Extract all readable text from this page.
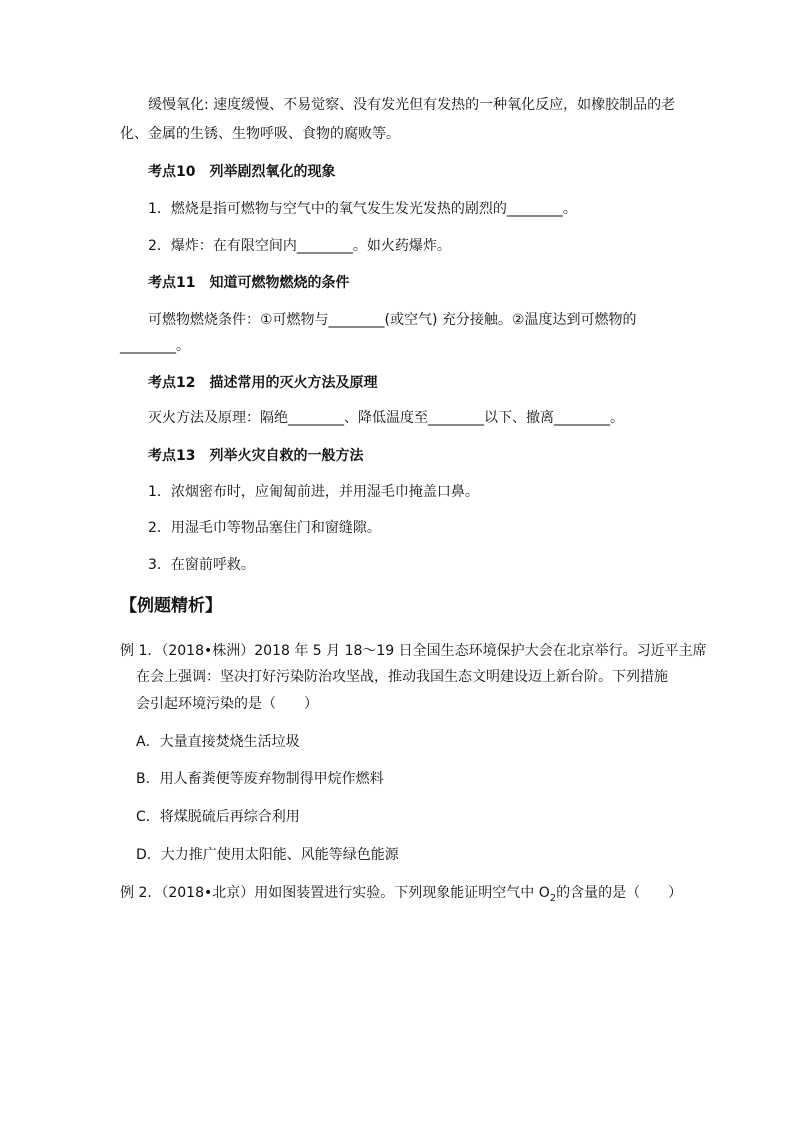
缓慢氧化: 速度缓慢、不易觉察、没有发光但有发热的一种氧化反应，如橡胶制品的老
化、金属的生锈、生物呼吸、食物的腐败等。
考点10　列举剧烈氧化的现象
1．燃烧是指可燃物与空气中的氧气发生发光发热的剧烈的________。
2．爆炸：在有限空间内________。如火药爆炸。
考点11　知道可燃物燃烧的条件
可燃物燃烧条件：①可燃物与________(或空气) 充分接触。②温度达到可燃物的
________。
考点12　描述常用的灭火方法及原理
灭火方法及原理：隔绝________、降低温度至________以下、撤离________。
考点13　列举火灾自救的一般方法
1．浓烟密布时，应匍匐前进，并用湿毛巾掩盖口鼻。
2．用湿毛巾等物品塞住门和窗缝隙。
3．在窗前呼救。
【例题精析】
例 1．（2018•株洲）2018 年 5 月 18～19 日全国生态环境保护大会在北京举行。习近平主席
在会上强调：坚决打好污染防治攻坚战，推动我国生态文明建设迈上新台阶。下列措施
会引起环境污染的是（　　）
A．大量直接焚烧生活垃圾
B．用人畜粪便等废弃物制得甲烷作燃料
C．将煤脱硫后再综合利用
D．大力推广使用太阳能、风能等绿色能源
例 2．（2018•北京）用如图装置进行实验。下列现象能证明空气中 $O_2$的含量的是（　　）
